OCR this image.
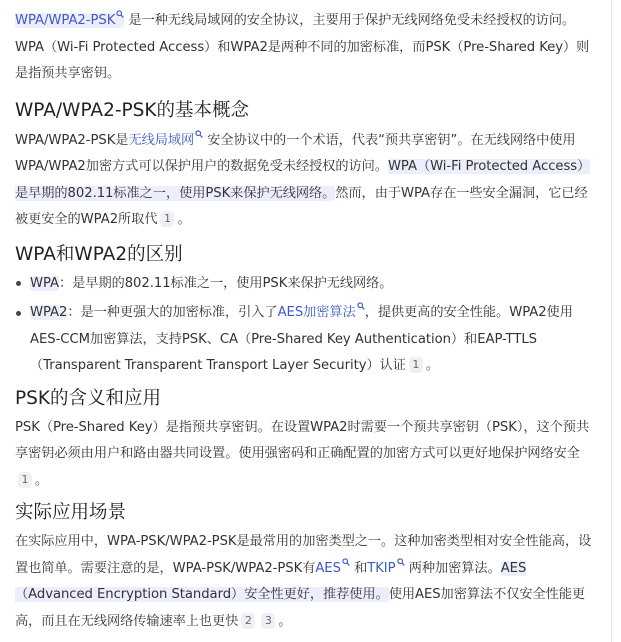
WPA/WPA2-PSK 是一种无线局域网的安全协议，主要用于保护无线网络免受未经授权的访问。WPA（Wi-Fi Protected Access）和WPA2是两种不同的加密标准，而PSK（Pre-Shared Key）则是指预共享密钥。

WPA/WPA2-PSK的基本概念

WPA/WPA2-PSK是无线局域网 安全协议中的一个术语，代表“预共享密钥”。在无线网络中使用WPA/WPA2加密方式可以保护用户的数据免受未经授权的访问。WPA（Wi-Fi Protected Access）是早期的802.11标准之一，使用PSK来保护无线网络。然而，由于WPA存在一些安全漏洞，它已经被更安全的WPA2所取代 1 。

WPA和WPA2的区别
WPA：是早期的802.11标准之一，使用PSK来保护无线网络。
WPA2：是一种更强大的加密标准，引入了AES加密算法 ，提供更高的安全性能。WPA2使用AES-CCM加密算法，支持PSK、CA（Pre-Shared Key Authentication）和EAP-TTLS（Transparent Transparent Transport Layer Security）认证 1 。
PSK的含义和应用

PSK（Pre-Shared Key）是指预共享密钥。在设置WPA2时需要一个预共享密钥（PSK），这个预共享密钥必须由用户和路由器共同设置。使用强密码和正确配置的加密方式可以更好地保护网络安全1 。

实际应用场景

在实际应用中，WPA-PSK/WPA2-PSK是最常用的加密类型之一。这种加密类型相对安全性能高，设置也简单。需要注意的是，WPA-PSK/WPA2-PSK有AES 和TKIP 两种加密算法。AES（Advanced Encryption Standard）安全性更好，推荐使用。使用AES加密算法不仅安全性能更高，而且在无线网络传输速率上也更快 2 3 。
